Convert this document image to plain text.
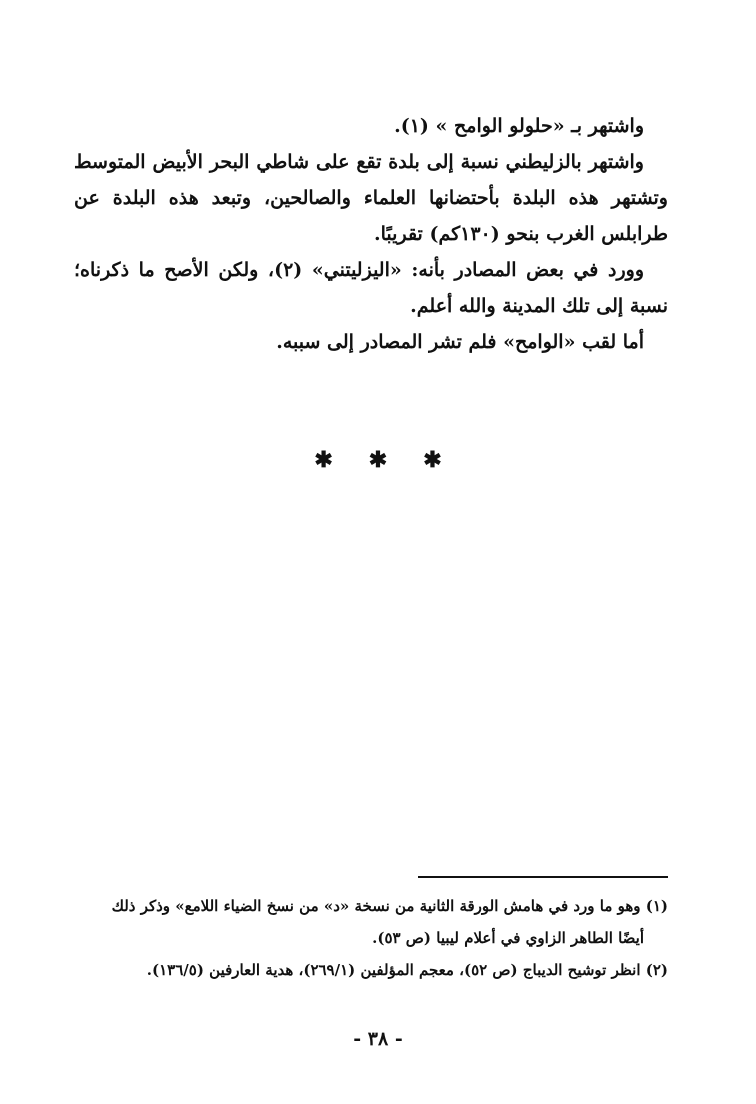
واشتهر بـ «حلولو الوامح » (١).

واشتهر بالزليطني نسبة إلى بلدة تقع على شاطي البحر الأبيض المتوسط وتشتهر هذه البلدة بأحتضانها العلماء والصالحين، وتبعد هذه البلدة عن طرابلس الغرب بنحو (١٣٠كم) تقريبًا.

وورد في بعض المصادر بأنه: «اليزليتني» (٢)، ولكن الأصح ما ذكرناه؛ نسبة إلى تلك المدينة والله أعلم.

أما لقب «الوامح» فلم تشر المصادر إلى سببه.

✱ ✱ ✱

(١) وهو ما ورد في هامش الورقة الثانية من نسخة «د» من نسخ الضياء اللامع» وذكر ذلك

أيضًا الطاهر الزاوي في أعلام ليبيا (ص ٥٣).

(٢) انظر توشيح الديباج (ص ٥٢)، معجم المؤلفين (٢٦٩/١)، هدية العارفين (١٣٦/٥).

- ٣٨ -
